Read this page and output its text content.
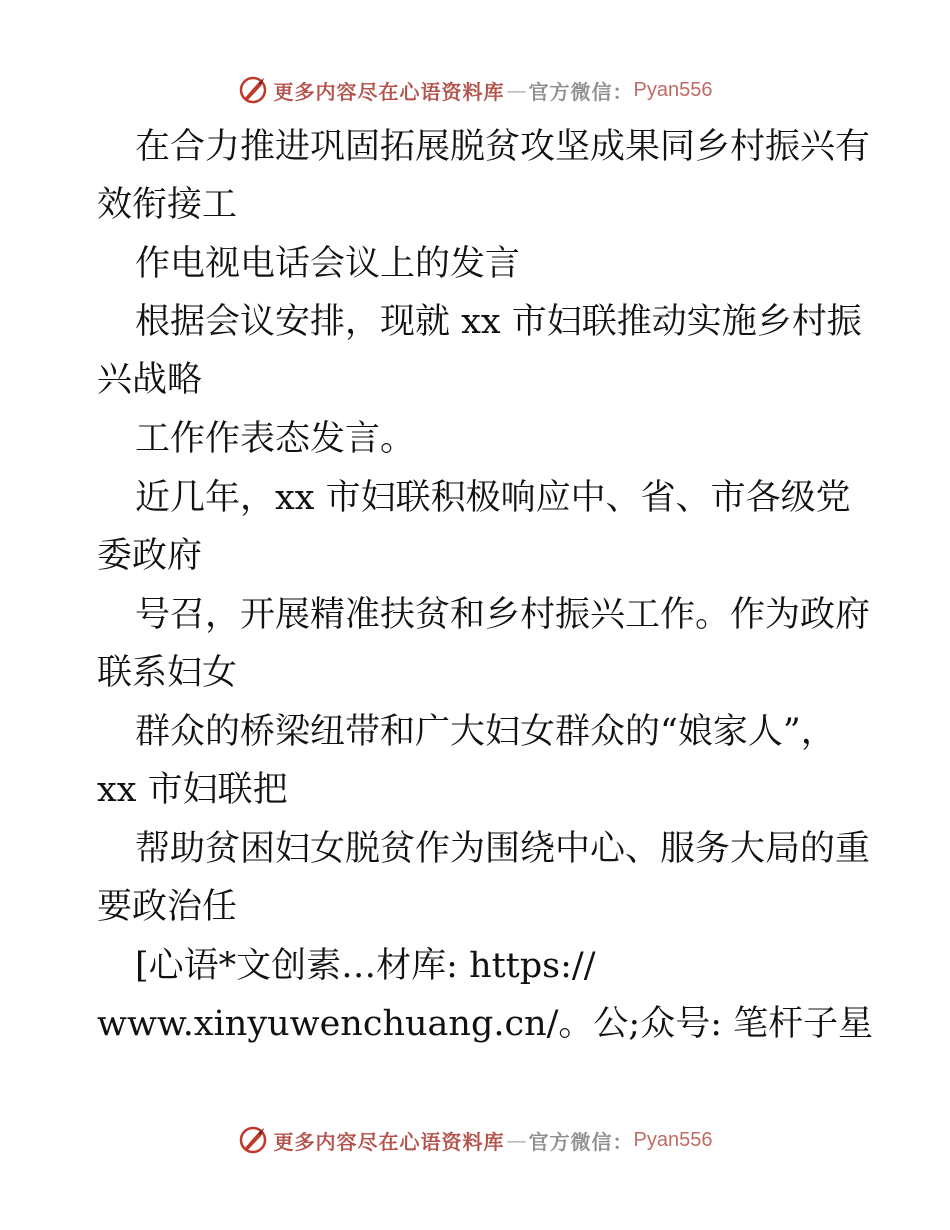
更多内容尽在心语资料库 — 官方微信： Pyan556
在合力推进巩固拓展脱贫攻坚成果同乡村振兴有
效衔接工
作电视电话会议上的发言
根据会议安排，现就 xx 市妇联推动实施乡村振
兴战略
工作作表态发言。
近几年，xx 市妇联积极响应中、省、市各级党
委政府
号召，开展精准扶贫和乡村振兴工作。作为政府
联系妇女
群众的桥梁纽带和广大妇女群众的“娘家人”，
xx 市妇联把
帮助贫困妇女脱贫作为围绕中心、服务大局的重
要政治任
[心语*文创素…材库: https://
www.xinyuwenchuang.cn/。公;众号: 笔杆子星
更多内容尽在心语资料库 — 官方微信： Pyan556
